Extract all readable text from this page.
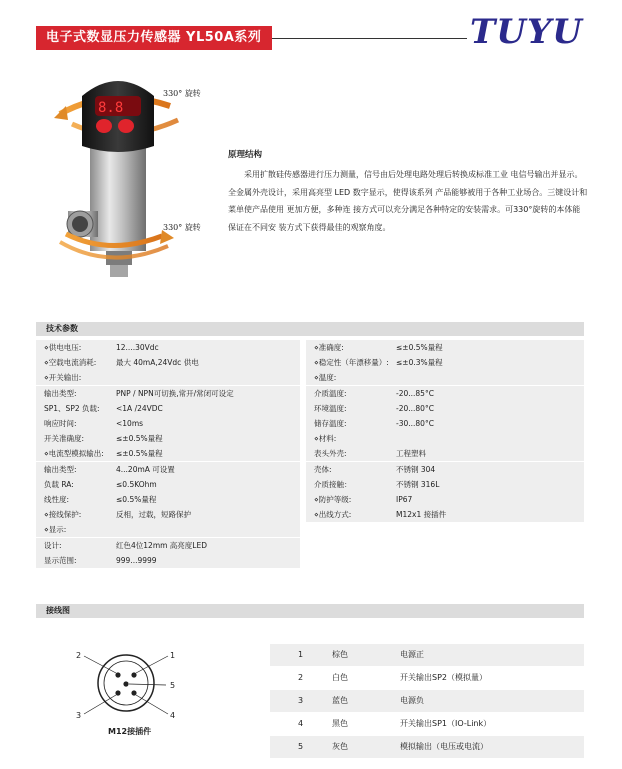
电子式数显压力传感器 YL50A系列	TUYU
8.8
330° 旋转
330° 旋转
原理结构
采用扩散硅传感器进行压力测量，信号由后处理电路处理后转换成标准工业 电信号输出并显示。全金属外壳设计，采用高亮型 LED 数字显示，使得该系列 产品能够被用于各种工业场合。三键设计和菜单使产品使用 更加方便，多种连 接方式可以充分满足各种特定的安装需求。可330°旋转的本体能保证在不同安 装方式下获得最佳的观察角度。
技术参数
⋄供电电压:	12....30Vdc
⋄空载电流消耗:	最大 40mA,24Vdc 供电
⋄开关输出:
输出类型:	PNP / NPN可切换,常开/常闭可设定
SP1、SP2 负载: <1A /24VDC
响应时间:	<10ms
开关准确度:	≤±0.5%量程
⋄电流型模拟输出: ≤±0.5%量程
输出类型:	4...20mA 可设置
负载 RA:	≤0.5KOhm
线性度:	≤0.5%量程
⋄接线保护:	反相，过载，短路保护
⋄显示:
设计:	红色4位12mm 高亮度LED
显示范围:	999...9999
⋄准确度:	≤±0.5%量程
⋄稳定性（年漂移量）: ≤±0.3%量程
⋄温度:
介质温度:	-20...85°C
环境温度:	-20...80°C
储存温度:	-30...80°C
⋄材料:
表头外壳:	工程塑料
壳体:	不锈钢 304
介质接触：	不锈钢 316L
⋄防护等级:	IP67
⋄出线方式:	M12x1 接插件
接线图
2	1
5
3	4
M12接插件
1	棕色	电源正
2	白色	开关输出SP2（模拟量）
3	蓝色	电源负
4	黑色	开关输出SP1（IO-Link）
5	灰色	模拟输出（电压或电流）
